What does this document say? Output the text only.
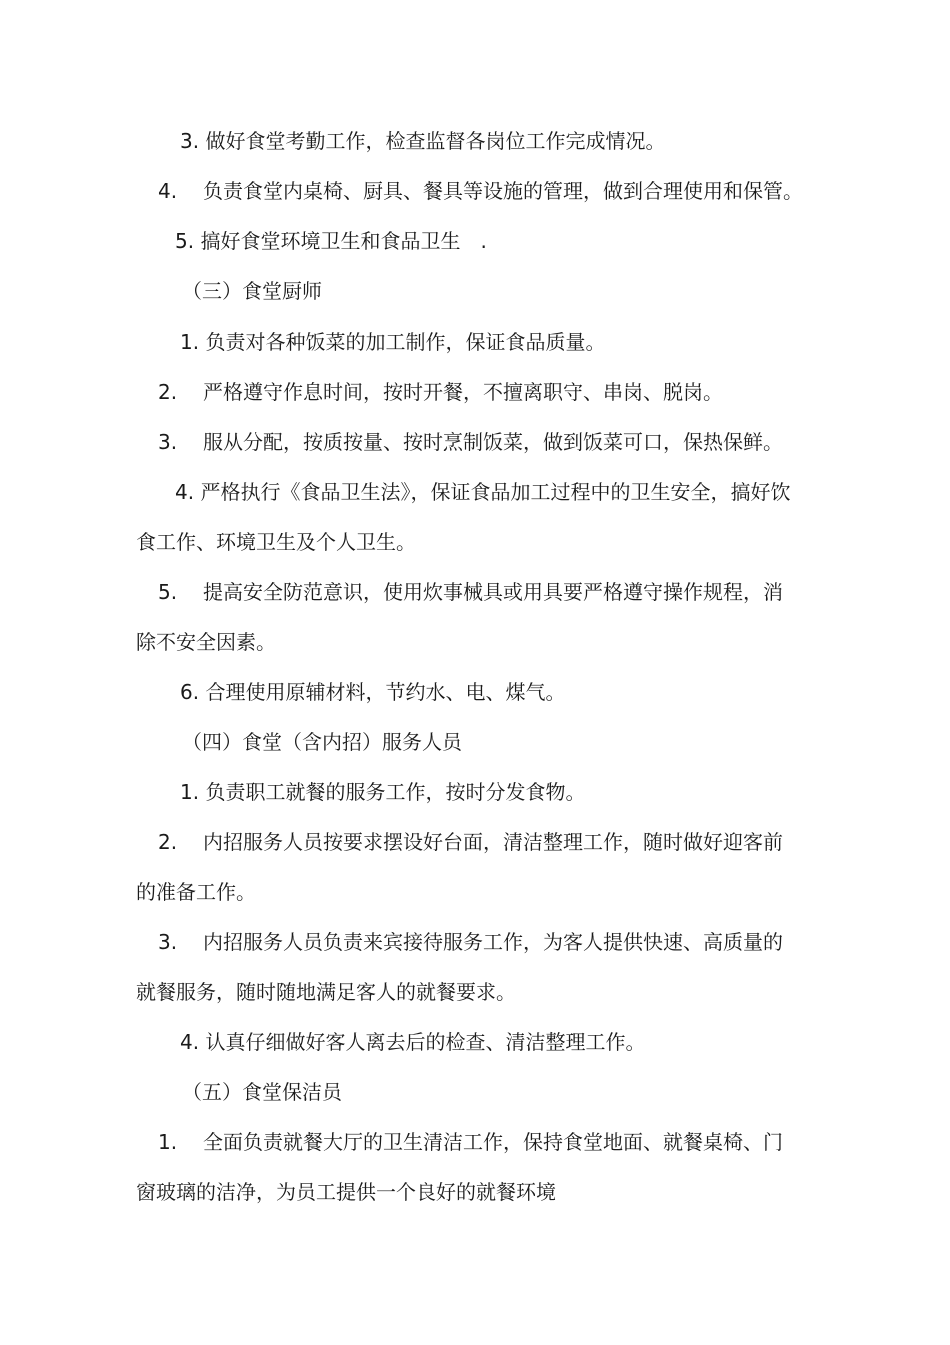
3. 做好食堂考勤工作，检查监督各岗位工作完成情况。
4. 负责食堂内桌椅、厨具、餐具等设施的管理，做到合理使用和保管。
5. 搞好食堂环境卫生和食品卫生　.
（三）食堂厨师
1. 负责对各种饭菜的加工制作，保证食品质量。
2. 严格遵守作息时间，按时开餐，不擅离职守、串岗、脱岗。
3. 服从分配，按质按量、按时烹制饭菜，做到饭菜可口，保热保鲜。
4. 严格执行《食品卫生法》，保证食品加工过程中的卫生安全，搞好饮
食工作、环境卫生及个人卫生。
5. 提高安全防范意识，使用炊事械具或用具要严格遵守操作规程，消
除不安全因素。
6. 合理使用原辅材料，节约水、电、煤气。
（四）食堂（含内招）服务人员
1. 负责职工就餐的服务工作，按时分发食物。
2. 内招服务人员按要求摆设好台面，清洁整理工作，随时做好迎客前
的准备工作。
3. 内招服务人员负责来宾接待服务工作，为客人提供快速、高质量的
就餐服务，随时随地满足客人的就餐要求。
4. 认真仔细做好客人离去后的检查、清洁整理工作。
（五）食堂保洁员
1. 全面负责就餐大厅的卫生清洁工作，保持食堂地面、就餐桌椅、门
窗玻璃的洁净，为员工提供一个良好的就餐环境
